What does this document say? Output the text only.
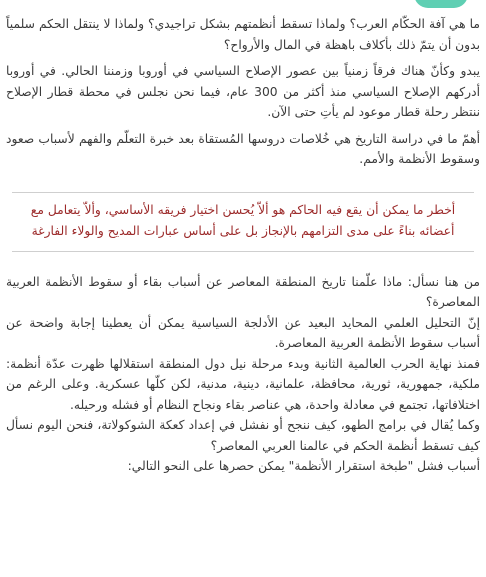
ما هي آفة الحكّام العرب؟ ولماذا تسقط أنظمتهم بشكل تراجيدي؟ ولماذا لا ينتقل الحكم سلمياً بدون أن يتمّ ذلك بأكلاف باهظة في المال والأرواح؟

يبدو وكأنّ هناك فرقاً زمنياً بين عصور الإصلاح السياسي في أوروبا وزمننا الحالي. في أوروبا أدركهم الإصلاح السياسي منذ أكثر من 300 عام، فيما نحن نجلس في محطة قطار الإصلاح ننتظر رحلة قطار موعود لم يأتِ حتى الآن.

أهمّ ما في دراسة التاريخ هي خُلاصات دروسها المُستقاة بعد خبرة التعلّم والفهم لأسباب صعود وسقوط الأنظمة والأمم.

أخطر ما يمكن أن يقع فيه الحاكم هو ألاّ يُحسن اختيار فريقه الأساسي، وألاّ يتعامل مع أعضائه بناءً على مدى التزامهم بالإنجاز بل على أساس عبارات المديح والولاء الفارغة

من هنا نسأل: ماذا علّمنا تاريخ المنطقة المعاصر عن أسباب بقاء أو سقوط الأنظمة العربية المعاصرة؟

إنّ التحليل العلمي المحايد البعيد عن الأدلجة السياسية يمكن أن يعطينا إجابة واضحة عن أسباب سقوط الأنظمة العربية المعاصرة.

فمنذ نهاية الحرب العالمية الثانية وبدء مرحلة نيل دول المنطقة استقلالها ظهرت عدّة أنظمة: ملكية، جمهورية، ثورية، محافظة، علمانية، دينية، مدنية، لكن كلّها عسكرية. وعلى الرغم من اختلافاتها، تجتمع في معادلة واحدة، هي عناصر بقاء ونجاح النظام أو فشله ورحيله.

وكما يُقال في برامج الطهو، كيف ننجح أو نفشل في إعداد كعكة الشوكولاتة، فنحن اليوم نسأل كيف تسقط أنظمة الحكم في عالمنا العربي المعاصر؟

أسباب فشل "طبخة استقرار الأنظمة" يمكن حصرها على النحو التالي:
